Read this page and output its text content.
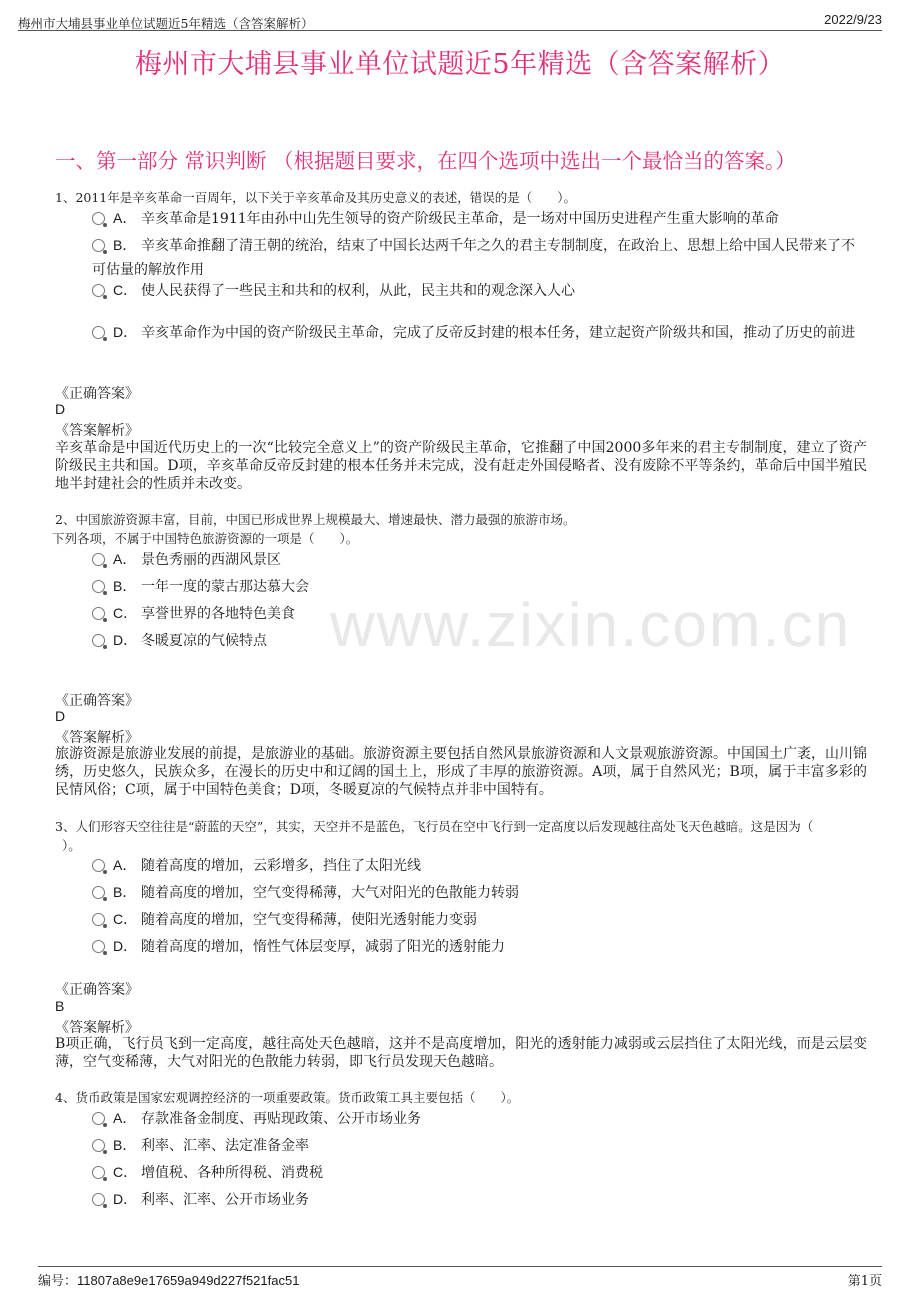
梅州市大埔县事业单位试题近5年精选（含答案解析）	2022/9/23
梅州市大埔县事业单位试题近5年精选（含答案解析）
一、第一部分 常识判断 （根据题目要求，在四个选项中选出一个最恰当的答案。）
www.zixin.com.cn
1、2011年是辛亥革命一百周年，以下关于辛亥革命及其历史意义的表述，错误的是（　　）。
A． 辛亥革命是1911年由孙中山先生领导的资产阶级民主革命，是一场对中国历史进程产生重大影响的革命
B． 辛亥革命推翻了清王朝的统治，结束了中国长达两千年之久的君主专制制度，在政治上、思想上给中国人民带来了不可估量的解放作用
C． 使人民获得了一些民主和共和的权利，从此，民主共和的观念深入人心
D． 辛亥革命作为中国的资产阶级民主革命，完成了反帝反封建的根本任务，建立起资产阶级共和国，推动了历史的前进
《正确答案》
D
《答案解析》
辛亥革命是中国近代历史上的一次“比较完全意义上”的资产阶级民主革命，它推翻了中国2000多年来的君主专制制度，建立了资产阶级民主共和国。D项，辛亥革命反帝反封建的根本任务并未完成，没有赶走外国侵略者、没有废除不平等条约，革命后中国半殖民地半封建社会的性质并未改变。
2、中国旅游资源丰富，目前，中国已形成世界上规模最大、增速最快、潜力最强的旅游市场。
下列各项，不属于中国特色旅游资源的一项是（　　）。
A． 景色秀丽的西湖风景区
B． 一年一度的蒙古那达慕大会
C． 享誉世界的各地特色美食
D． 冬暖夏凉的气候特点
《正确答案》
D
《答案解析》
旅游资源是旅游业发展的前提，是旅游业的基础。旅游资源主要包括自然风景旅游资源和人文景观旅游资源。中国国土广袤，山川锦绣，历史悠久，民族众多，在漫长的历史中和辽阔的国土上，形成了丰厚的旅游资源。A项，属于自然风光；B项，属于丰富多彩的民情风俗；C项，属于中国特色美食；D项，冬暖夏凉的气候特点并非中国特有。
3、人们形容天空往往是“蔚蓝的天空”，其实，天空并不是蓝色，飞行员在空中飞行到一定高度以后发现越往高处飞天色越暗。这是因为（
）。
A． 随着高度的增加，云彩增多，挡住了太阳光线
B． 随着高度的增加，空气变得稀薄，大气对阳光的色散能力转弱
C． 随着高度的增加，空气变得稀薄，使阳光透射能力变弱
D． 随着高度的增加，惰性气体层变厚，减弱了阳光的透射能力
《正确答案》
B
《答案解析》
B项正确，飞行员飞到一定高度，越往高处天色越暗，这并不是高度增加，阳光的透射能力减弱或云层挡住了太阳光线，而是云层变薄，空气变稀薄，大气对阳光的色散能力转弱，即飞行员发现天色越暗。
4、货币政策是国家宏观调控经济的一项重要政策。货币政策工具主要包括（　　）。
A． 存款准备金制度、再贴现政策、公开市场业务
B． 利率、汇率、法定准备金率
C． 增值税、各种所得税、消费税
D． 利率、汇率、公开市场业务
编号：11807a8e9e17659a949d227f521fac51	第1页
